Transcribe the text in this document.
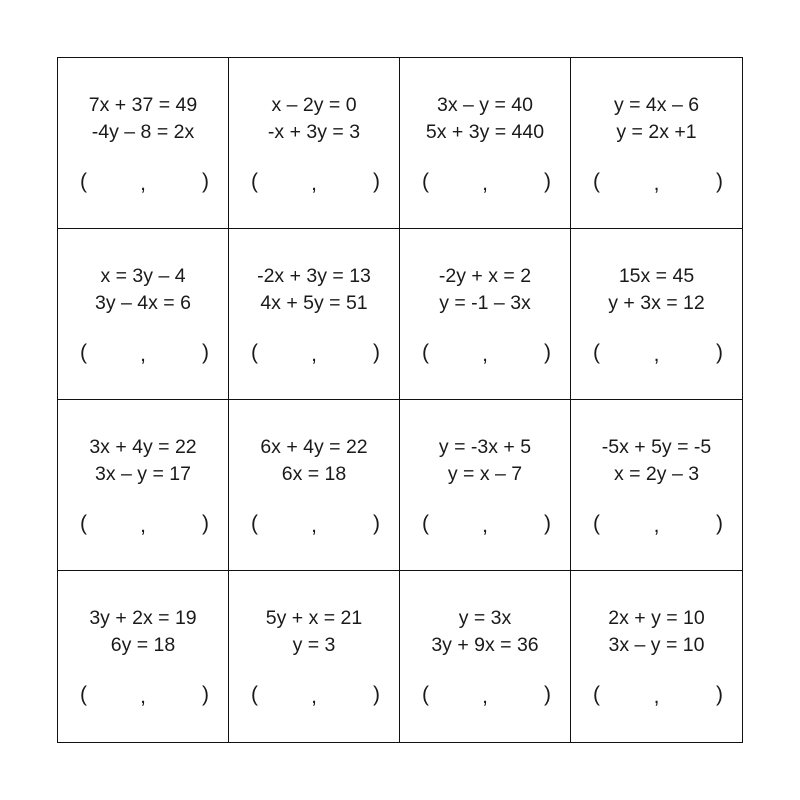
7x + 37 = 49
-4y – 8 = 2x
(	,	)
x – 2y = 0
-x + 3y = 3
(	,	)
3x – y = 40
5x + 3y = 440
(	,	)
y = 4x – 6
y = 2x +1
(	,	)
x = 3y – 4
3y – 4x = 6
(	,	)
-2x + 3y = 13
4x + 5y = 51
(	,	)
-2y + x = 2
y = -1 – 3x
(	,	)
15x = 45
y + 3x = 12
(	,	)
3x + 4y = 22
3x – y = 17
(	,	)
6x + 4y = 22
6x = 18
(	,	)
y = -3x + 5
y = x – 7
(	,	)
-5x + 5y = -5
x = 2y – 3
(	,	)
3y + 2x = 19
6y = 18
(	,	)
5y + x = 21
y = 3
(	,	)
y = 3x
3y + 9x = 36
(	,	)
2x + y = 10
3x – y = 10
(	,	)
